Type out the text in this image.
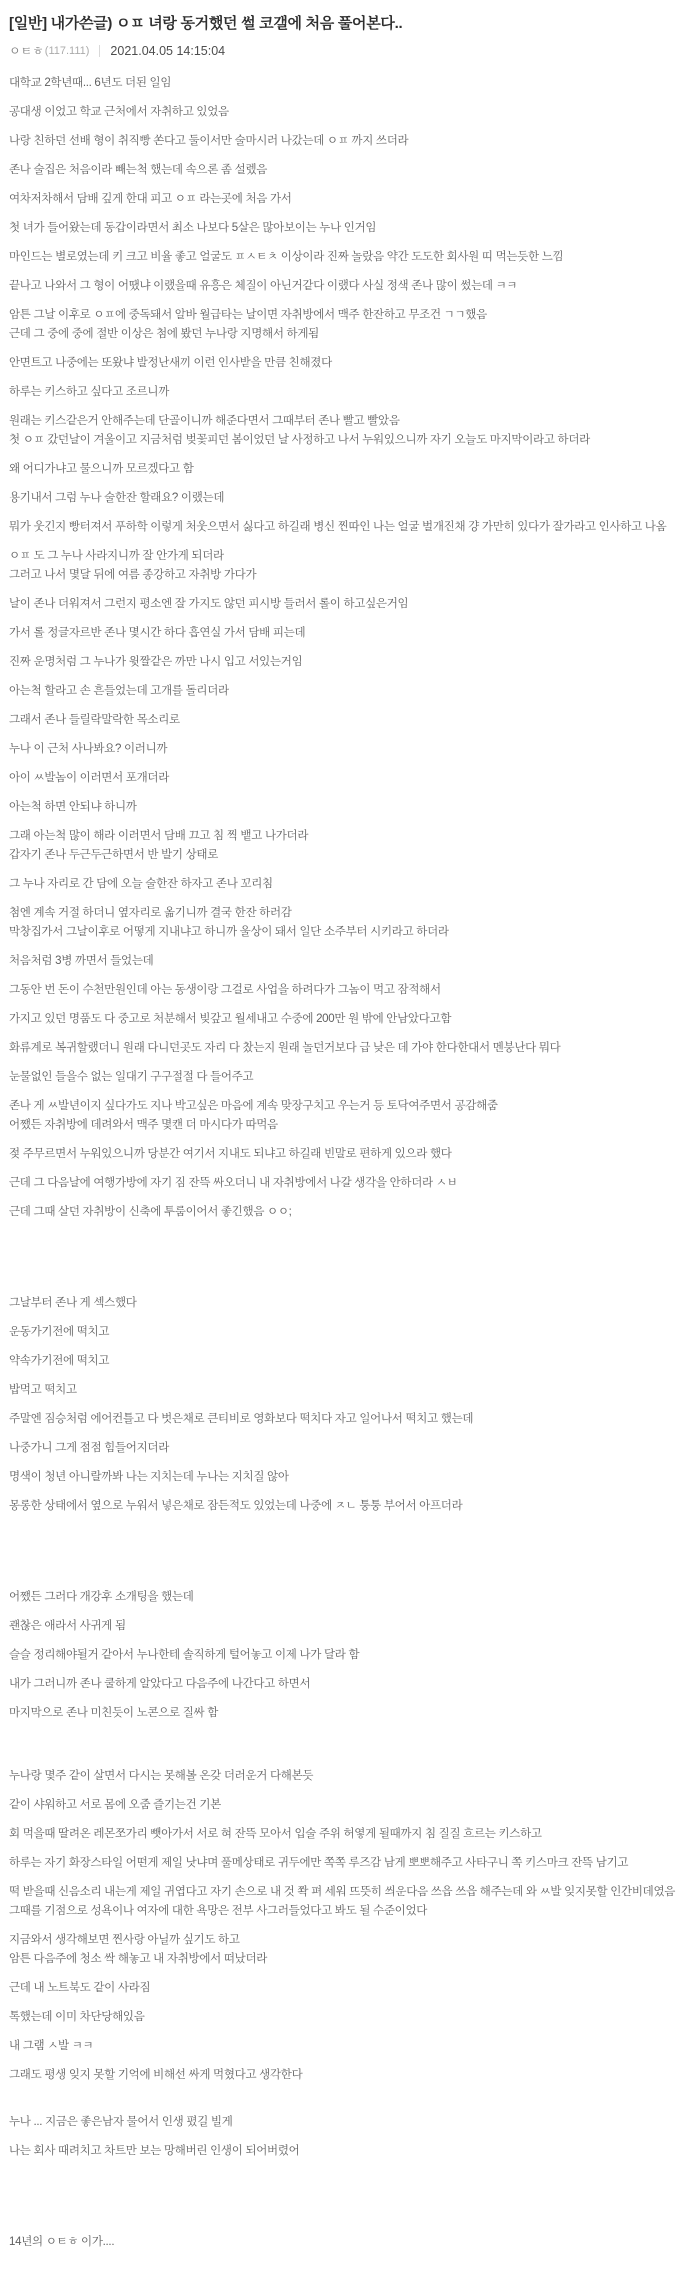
[일반] 내가쓴글) ㅇㅍ 녀랑 동거했던 썰 코갤에 처음 풀어본다..
ㅇㅌㅎ (117.111) 2021.04.05 14:15:04

대학교 2학년때... 6년도 더된 일임

공대생 이었고 학교 근처에서 자취하고 있었음

나랑 친하던 선배 형이 취직빵 쏜다고 둘이서만 술마시러 나갔는데 ㅇㅍ 까지 쓰더라

존나 술집은 처음이라 빼는척 했는데 속으론 좀 설렜음

여차저차해서 담배 깊게 한대 피고 ㅇㅍ 라는곳에 처음 가서

첫 녀가 들어왔는데 동갑이라면서 최소 나보다 5살은 많아보이는 누나 인거임

마인드는 별로였는데 키 크고 비율 좋고 얼굴도 ㅍㅅㅌㅊ 이상이라 진짜 놀랐음 약간 도도한 회사원 띠 먹는듯한 느낌

끝나고 나와서 그 형이 어땠냐 이랬을때 유흥은 체질이 아닌거같다 이랬다 사실 정색 존나 많이 썼는데 ㅋㅋ

암튼 그날 이후로 ㅇㅍ에 중독돼서 알바 월급타는 날이면 자취방에서 맥주 한잔하고 무조건 ㄱㄱ했음

근데 그 중에 중에 절반 이상은 첨에 봤던 누나랑 지명해서 하게됨

안면트고 나중에는 또왔냐 발정난새끼 이런 인사받을 만큼 친해졌다

하루는 키스하고 싶다고 조르니까

원래는 키스같은거 안해주는데 단골이니까 해준다면서 그때부터 존나 빨고 빨았음

첫 ㅇㅍ 갔던날이 겨울이고 지금처럼 벚꽃피던 봄이었던 날 사정하고 나서 누워있으니까 자기 오늘도 마지막이라고 하더라

왜 어디가냐고 물으니까 모르겠다고 함

용기내서 그럼 누나 술한잔 할래요? 이랬는데

뭐가 웃긴지 빵터져서 푸하학 이렇게 처웃으면서 싫다고 하길래 병신 찐따인 나는 얼굴 벌개진채 걍 가만히 있다가 잘가라고 인사하고 나옴

ㅇㅍ 도 그 누나 사라지니까 잘 안가게 되더라

그러고 나서 몇달 뒤에 여름 종강하고 자취방 가다가

날이 존나 더워져서 그런지 평소엔 잘 가지도 않던 피시방 들러서 롤이 하고싶은거임

가서 롤 정글자르반 존나 몇시간 하다 흡연실 가서 담배 피는데

진짜 운명처럼 그 누나가 윗짤같은 까만 나시 입고 서있는거임

아는척 할라고 손 흔들었는데 고개를 돌리더라

그래서 존나 들릴락말락한 목소리로

누나 이 근처 사나봐요? 이러니까

아이 ㅆ발놈이 이러면서 포개더라

아는척 하면 안되냐 하니까

그래 아는척 많이 해라 이러면서 담배 끄고 침 찍 뱉고 나가더라

갑자기 존나 두근두근하면서 반 발기 상태로

그 누나 자리로 간 담에 오늘 술한잔 하자고 존나 꼬리침

첨엔 계속 거절 하더니 옆자리로 옮기니까 결국 한잔 하러감

막창집가서 그날이후로 어떻게 지내냐고 하니까 울상이 돼서 일단 소주부터 시키라고 하더라

처음처럼 3병 까면서 들었는데

그동안 번 돈이 수천만원인데 아는 동생이랑 그걸로 사업을 하려다가 그놈이 먹고 잠적해서

가지고 있던 명품도 다 중고로 처분해서 빚갚고 월세내고 수중에 200만 원 밖에 안남았다고함

화류계로 복귀할랬더니 원래 다니던곳도 자리 다 찼는지 원래 놀던거보다 급 낮은 데 가야 한다한대서 멘붕난다 뭐다

눈물없인 들을수 없는 일대기 구구절절 다 들어주고

존나 게 ㅆ발년이지 싶다가도 지나 박고싶은 마음에 계속 맞장구치고 우는거 등 토닥여주면서 공감해줌

어쨌든 자취방에 데려와서 맥주 몇캔 더 마시다가 따먹음

젖 주무르면서 누워있으니까 당분간 여기서 지내도 되냐고 하길래 빈말로 편하게 있으라 했다

근데 그 다음날에 여행가방에 자기 짐 잔뜩 싸오더니 내 자취방에서 나갈 생각을 안하더라 ㅅㅂ

근데 그때 살던 자취방이 신축에 투룸이어서 좋긴했음 ㅇㅇ;

그날부터 존나 게 섹스했다

운동가기전에 떡치고

약속가기전에 떡치고

밥먹고 떡치고

주말엔 짐승처럼 에어컨틀고 다 벗은채로 큰티비로 영화보다 떡치다 자고 일어나서 떡치고 했는데

나중가니 그게 점점 힘들어지더라

명색이 청년 아니랄까봐 나는 지치는데 누나는 지치질 않아

몽롱한 상태에서 옆으로 누워서 넣은채로 잠든적도 있었는데 나중에 ㅈㄴ 퉁퉁 부어서 아프더라

어쨌든 그러다 개강후 소개팅을 했는데

괜찮은 애라서 사귀게 됨

슬슬 정리해야될거 같아서 누나한테 솔직하게 털어놓고 이제 나가 달라 함

내가 그러니까 존나 쿨하게 알았다고 다음주에 나간다고 하면서

마지막으로 존나 미친듯이 노콘으로 질싸 함

누나랑 몇주 같이 살면서 다시는 못해볼 온갖 더러운거 다해본듯

같이 샤워하고 서로 몸에 오줌 즐기는건 기본

회 먹을때 딸려온 레몬쪼가리 뺏아가서 서로 혀 잔뜩 모아서 입술 주위 허옇게 될때까지 침 질질 흐르는 키스하고

하루는 자기 화장스타일 어떤게 제일 낫냐며 풀메상태로 귀두에만 쪽쪽 루즈감 남게 뽀뽀해주고 사타구니 쪽 키스마크 잔뜩 남기고

떡 받을때 신음소리 내는게 제일 귀엽다고 자기 손으로 내 것 쫙 펴 세워 뜨뜻히 씌운다음 쓰읍 쓰읍 해주는데 와 ㅆ발 잊지못할 인간비데였음

그때를 기점으로 성욕이나 여자에 대한 욕망은 전부 사그러들었다고 봐도 될 수준이었다

지금와서 생각해보면 찐사랑 아닐까 싶기도 하고

암튼 다음주에 청소 싹 해놓고 내 자취방에서 떠났더라

근데 내 노트북도 같이 사라짐

톡했는데 이미 차단당해있음

내 그램 ㅅ발 ㅋㅋ

그래도 평생 잊지 못할 기억에 비해선 싸게 먹혔다고 생각한다

누나 ... 지금은 좋은남자 물어서 인생 폈길 빌게

나는 회사 때려치고 차트만 보는 망해버린 인생이 되어버렸어

14년의 ㅇㅌㅎ 이가....
